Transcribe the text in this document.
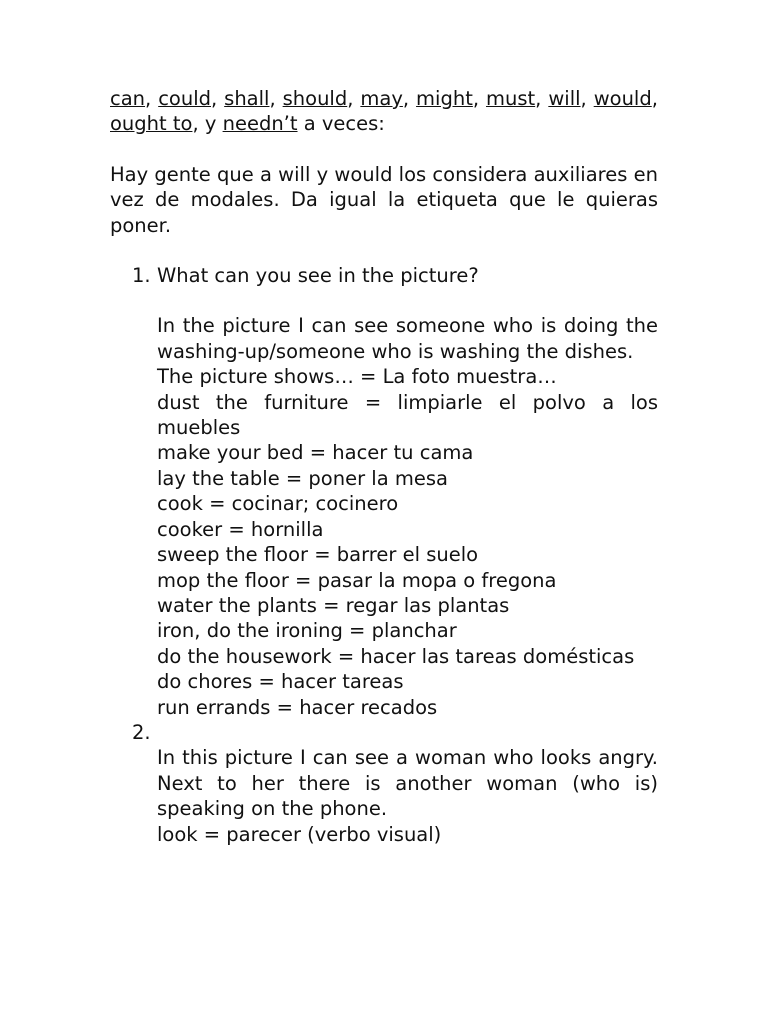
can, could, shall, should, may, might, must, will, would, ought to, y needn’t a veces:

Hay gente que a will y would los considera auxiliares en vez de modales. Da igual la etiqueta que le quieras poner.

1. What can you see in the picture?

In the picture I can see someone who is doing the washing-up/someone who is washing the dishes.

The picture shows… = La foto muestra…

dust the furniture = limpiarle el polvo a los muebles

make your bed = hacer tu cama

lay the table = poner la mesa

cook = cocinar; cocinero

cooker = hornilla

sweep the floor = barrer el suelo

mop the floor = pasar la mopa o fregona

water the plants = regar las plantas

iron, do the ironing = planchar

do the housework = hacer las tareas domésticas

do chores = hacer tareas

run errands = hacer recados

2.

In this picture I can see a woman who looks angry. Next to her there is another woman (who is) speaking on the phone.

look = parecer (verbo visual)
